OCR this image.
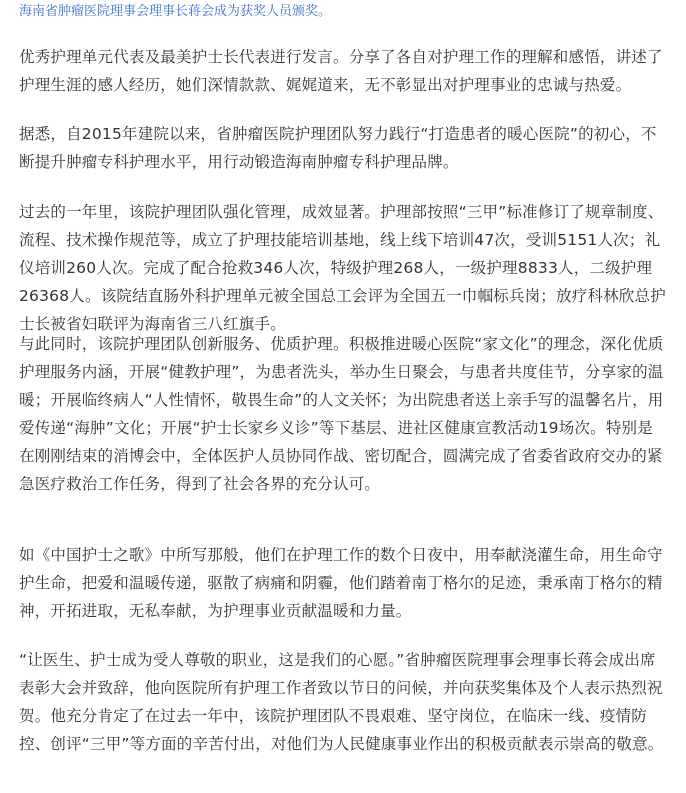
海南省肿瘤医院理事会理事长蒋会成为获奖人员颁奖。

优秀护理单元代表及最美护士长代表进行发言。分享了各自对护理工作的理解和感悟，讲述了护理生涯的感人经历，她们深情款款、娓娓道来，无不彰显出对护理事业的忠诚与热爱。

据悉，自2015年建院以来，省肿瘤医院护理团队努力践行“打造患者的暖心医院”的初心，不断提升肿瘤专科护理水平，用行动锻造海南肿瘤专科护理品牌。

过去的一年里，该院护理团队强化管理，成效显著。护理部按照“三甲”标准修订了规章制度、流程、技术操作规范等，成立了护理技能培训基地，线上线下培训47次，受训5151人次；礼仪培训260人次。完成了配合抢救346人次，特级护理268人，一级护理8833人，二级护理26368人。该院结直肠外科护理单元被全国总工会评为全国五一巾帼标兵岗；放疗科林欣总护士长被省妇联评为海南省三八红旗手。

与此同时，该院护理团队创新服务、优质护理。积极推进暖心医院“家文化”的理念，深化优质护理服务内涵，开展“健教护理”，为患者洗头，举办生日聚会，与患者共度佳节，分享家的温暖；开展临终病人“人性情怀，敬畏生命”的人文关怀；为出院患者送上亲手写的温馨名片，用爱传递“海肿”文化；开展“护士长家乡义诊”等下基层、进社区健康宣教活动19场次。特别是在刚刚结束的消博会中，全体医护人员协同作战、密切配合，圆满完成了省委省政府交办的紧急医疗救治工作任务，得到了社会各界的充分认可。

如《中国护士之歌》中所写那般，他们在护理工作的数个日夜中，用奉献浇灌生命，用生命守护生命，把爱和温暖传递，驱散了病痛和阴霾，他们踏着南丁格尔的足迹，秉承南丁格尔的精神，开拓进取，无私奉献，为护理事业贡献温暖和力量。

“让医生、护士成为受人尊敬的职业，这是我们的心愿。”省肿瘤医院理事会理事长蒋会成出席表彰大会并致辞，他向医院所有护理工作者致以节日的问候，并向获奖集体及个人表示热烈祝贺。他充分肯定了在过去一年中，该院护理团队不畏艰难、坚守岗位，在临床一线、疫情防控、创评“三甲”等方面的辛苦付出，对他们为人民健康事业作出的积极贡献表示崇高的敬意。
